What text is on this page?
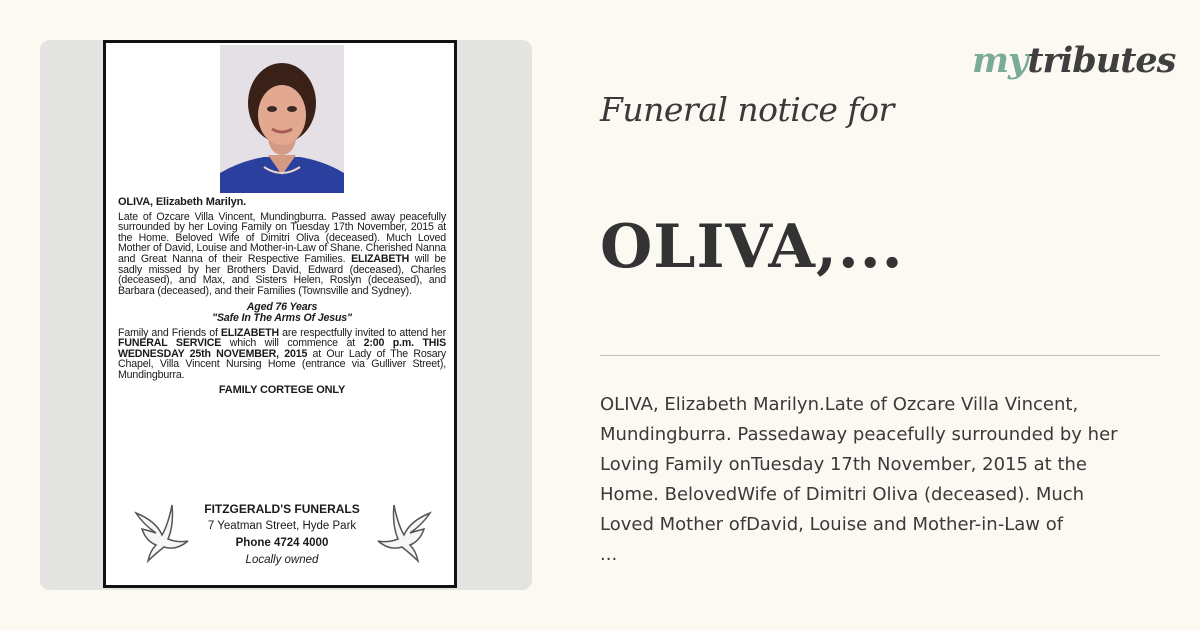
OLIVA, Elizabeth Marilyn.
Late of Ozcare Villa Vincent, Mundingburra. Passed away peacefully surrounded by her Loving Family on Tuesday 17th November, 2015 at the Home. Beloved Wife of Dimitri Oliva (deceased). Much Loved Mother of David, Louise and Mother-in-Law of Shane. Cherished Nanna and Great Nanna of their Respective Families. ELIZABETH will be sadly missed by her Brothers David, Edward (deceased), Charles (deceased), and Max, and Sisters Helen, Roslyn (deceased), and Barbara (deceased), and their Families (Townsville and Sydney).
Aged 76 Years
"Safe In The Arms Of Jesus"
Family and Friends of ELIZABETH are respectfully invited to attend her FUNERAL SERVICE which will commence at 2:00 p.m. THIS WEDNESDAY 25th NOVEMBER, 2015 at Our Lady of The Rosary Chapel, Villa Vincent Nursing Home (entrance via Gulliver Street), Mundingburra.
FAMILY CORTEGE ONLY
FITZGERALD'S FUNERALS
7 Yeatman Street, Hyde Park
Phone 4724 4000
Locally owned
mytributes
Funeral notice for
OLIVA,...
OLIVA, Elizabeth Marilyn.Late of Ozcare Villa Vincent,
Mundingburra. Passedaway peacefully surrounded by her
Loving Family onTuesday 17th November, 2015 at the
Home. BelovedWife of Dimitri Oliva (deceased). Much
Loved Mother ofDavid, Louise and Mother-in-Law of
...
